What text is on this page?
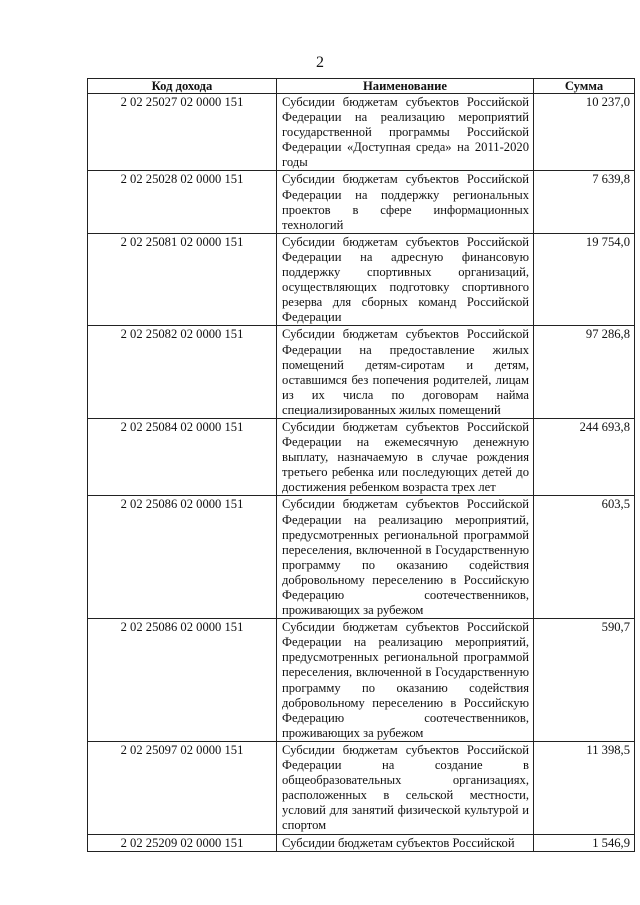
2
Код дохода	Наименование	Сумма
2 02 25027 02 0000 151	Субсидии бюджетам субъектов Российской Федерации на реализацию мероприятий государственной программы Российской Федерации «Доступная среда» на 2011-2020 годы	10 237,0
2 02 25028 02 0000 151	Субсидии бюджетам субъектов Российской Федерации на поддержку региональных проектов в сфере информационных технологий	7 639,8
2 02 25081 02 0000 151	Субсидии бюджетам субъектов Российской Федерации на адресную финансовую поддержку спортивных организаций, осуществляющих подготовку спортивного резерва для сборных команд Российской Федерации	19 754,0
2 02 25082 02 0000 151	Субсидии бюджетам субъектов Российской Федерации на предоставление жилых помещений детям-сиротам и детям, оставшимся без попечения родителей, лицам из их числа по договорам найма специализированных жилых помещений	97 286,8
2 02 25084 02 0000 151	Субсидии бюджетам субъектов Российской Федерации на ежемесячную денежную выплату, назначаемую в случае рождения третьего ребенка или последующих детей до достижения ребенком возраста трех лет	244 693,8
2 02 25086 02 0000 151	Субсидии бюджетам субъектов Российской Федерации на реализацию мероприятий, предусмотренных региональной программой переселения, включенной в Государственную программу по оказанию содействия добровольному переселению в Российскую Федерацию соотечественников, проживающих за рубежом	603,5
2 02 25086 02 0000 151	Субсидии бюджетам субъектов Российской Федерации на реализацию мероприятий, предусмотренных региональной программой переселения, включенной в Государственную программу по оказанию содействия добровольному переселению в Российскую Федерацию соотечественников, проживающих за рубежом	590,7
2 02 25097 02 0000 151	Субсидии бюджетам субъектов Российской Федерации на создание в общеобразовательных организациях, расположенных в сельской местности, условий для занятий физической культурой и спортом	11 398,5
2 02 25209 02 0000 151	Субсидии бюджетам субъектов Российской	1 546,9
